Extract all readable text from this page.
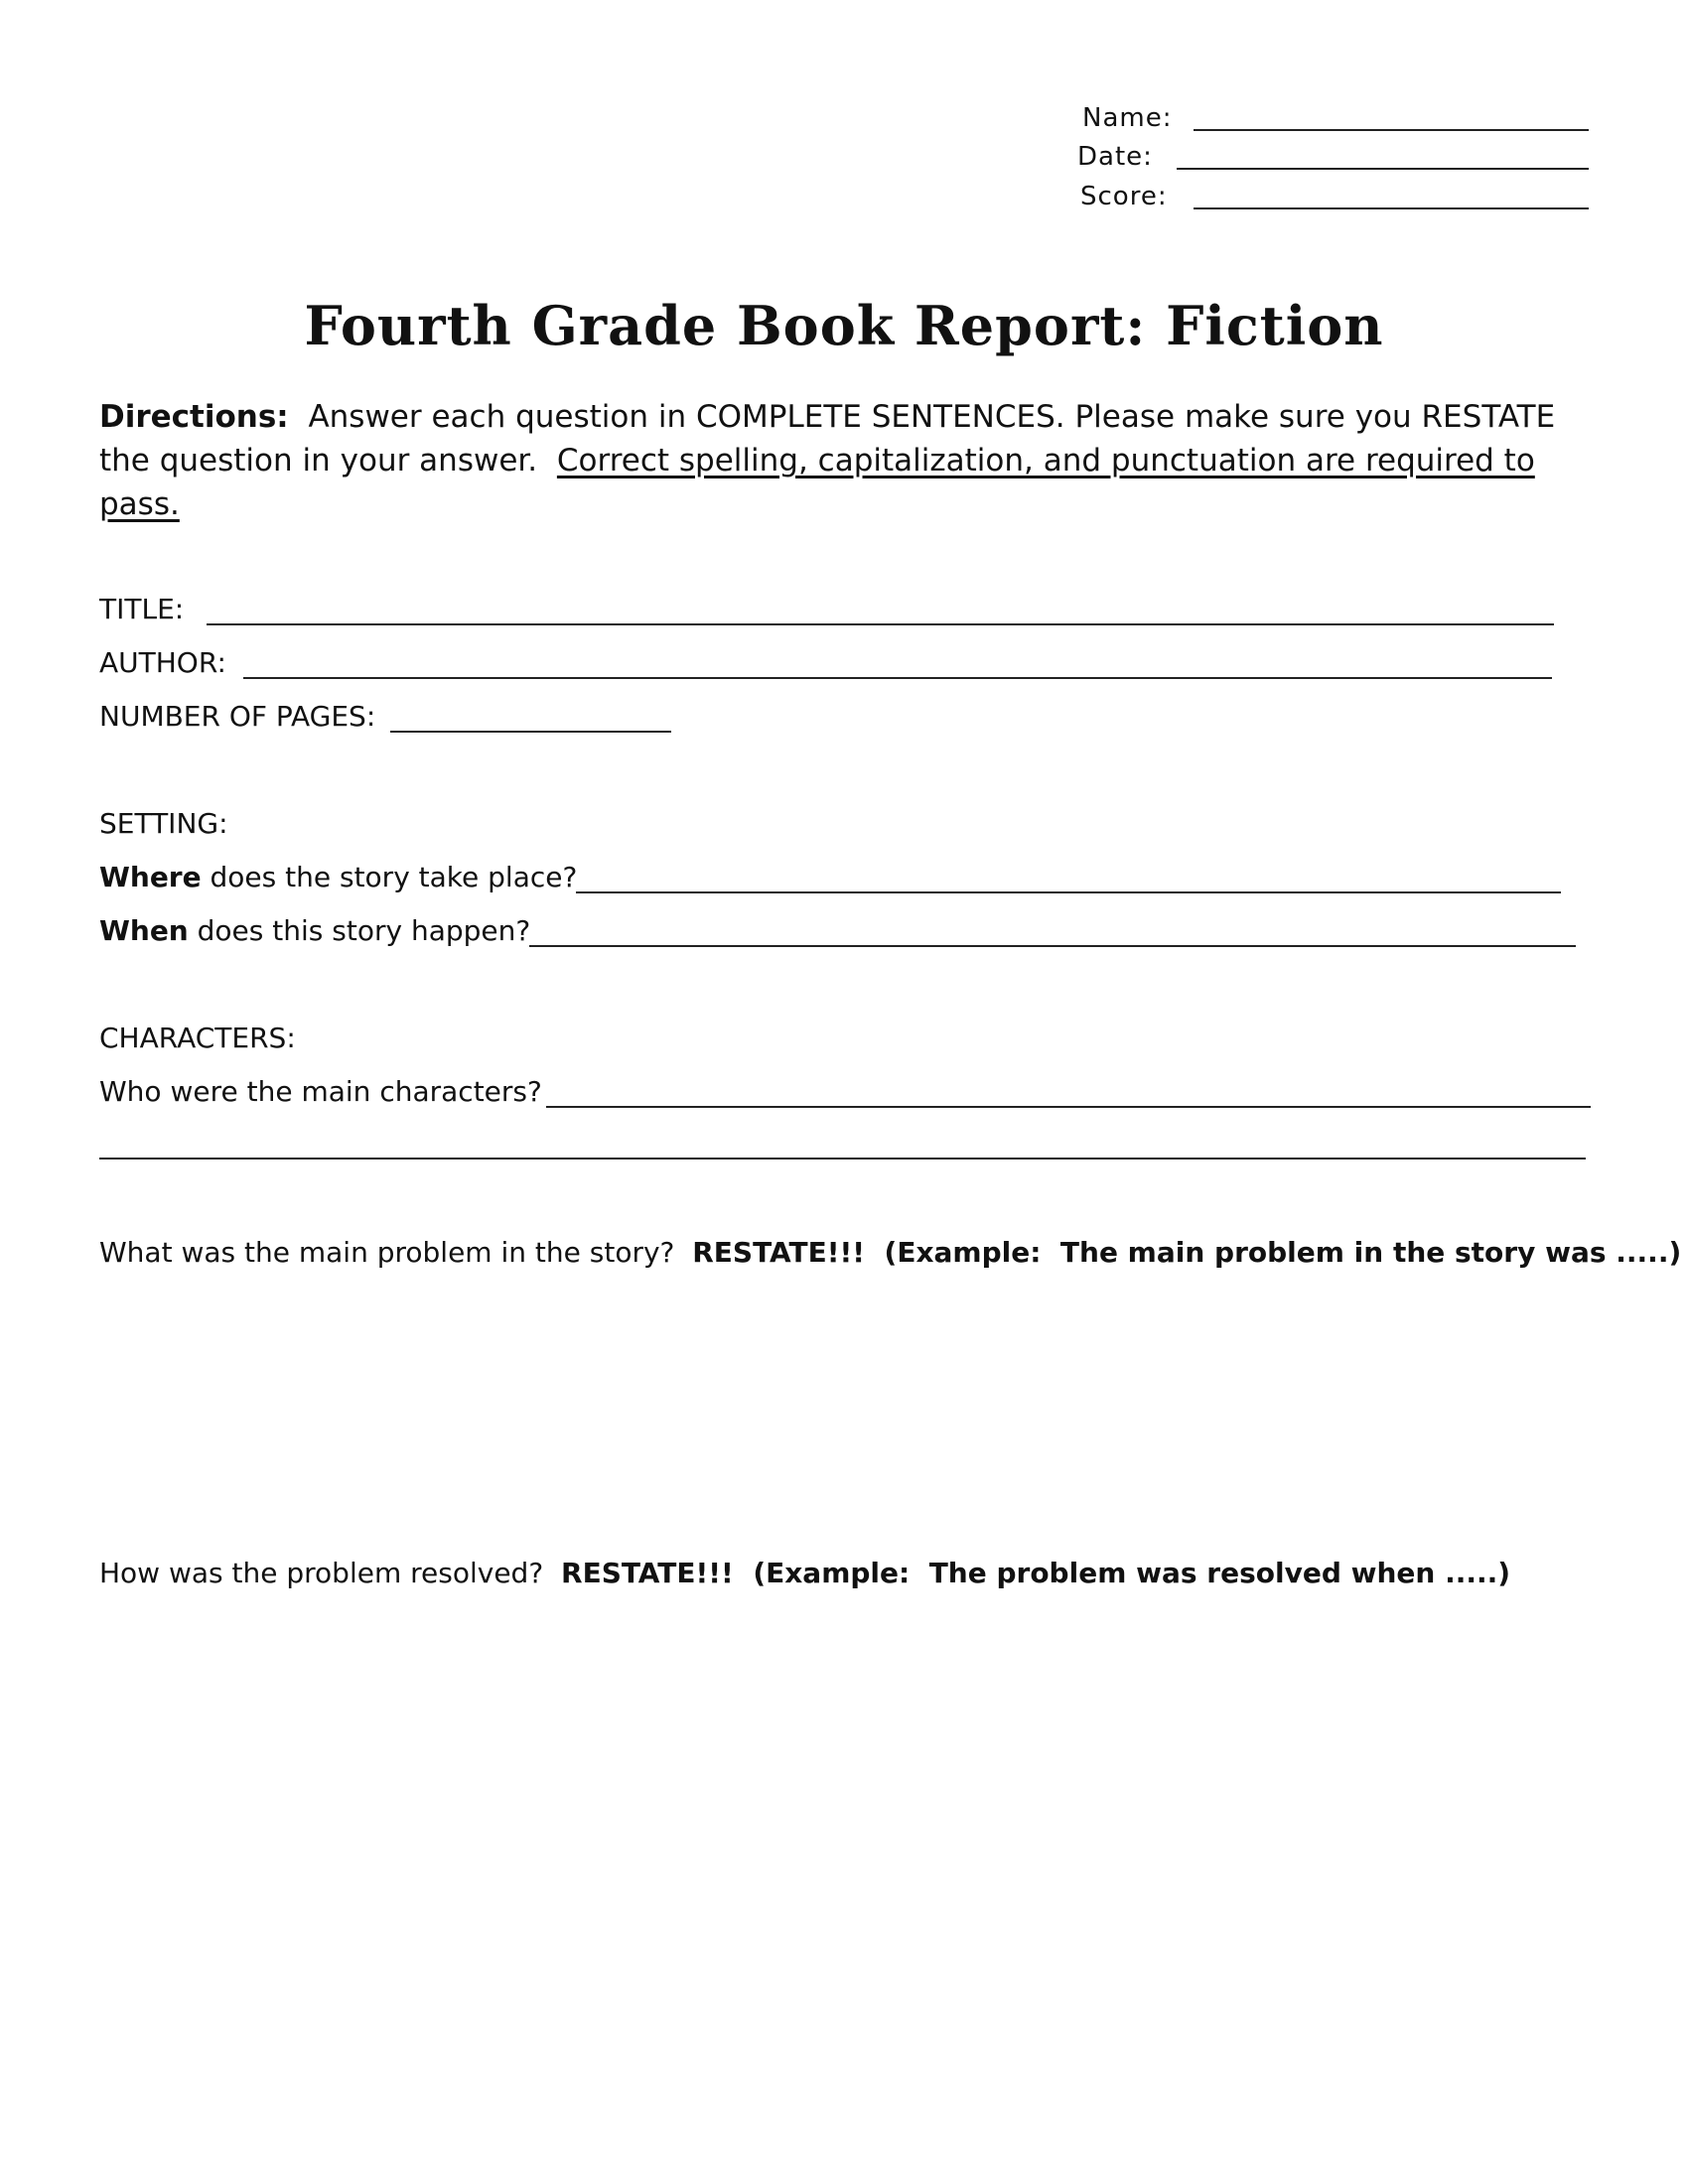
Name:
Date:
Score:
Fourth Grade Book Report: Fiction
Directions: Answer each question in COMPLETE SENTENCES. Please make sure you RESTATE the question in your answer. Correct spelling, capitalization, and punctuation are required to pass.
TITLE:
AUTHOR:
NUMBER OF PAGES:
SETTING:
Where does the story take place?
When does this story happen?
CHARACTERS:
Who were the main characters?
What was the main problem in the story? RESTATE!!!  (Example:  The main problem in the story was .....)
How was the problem resolved? RESTATE!!!  (Example:  The problem was resolved when .....)
